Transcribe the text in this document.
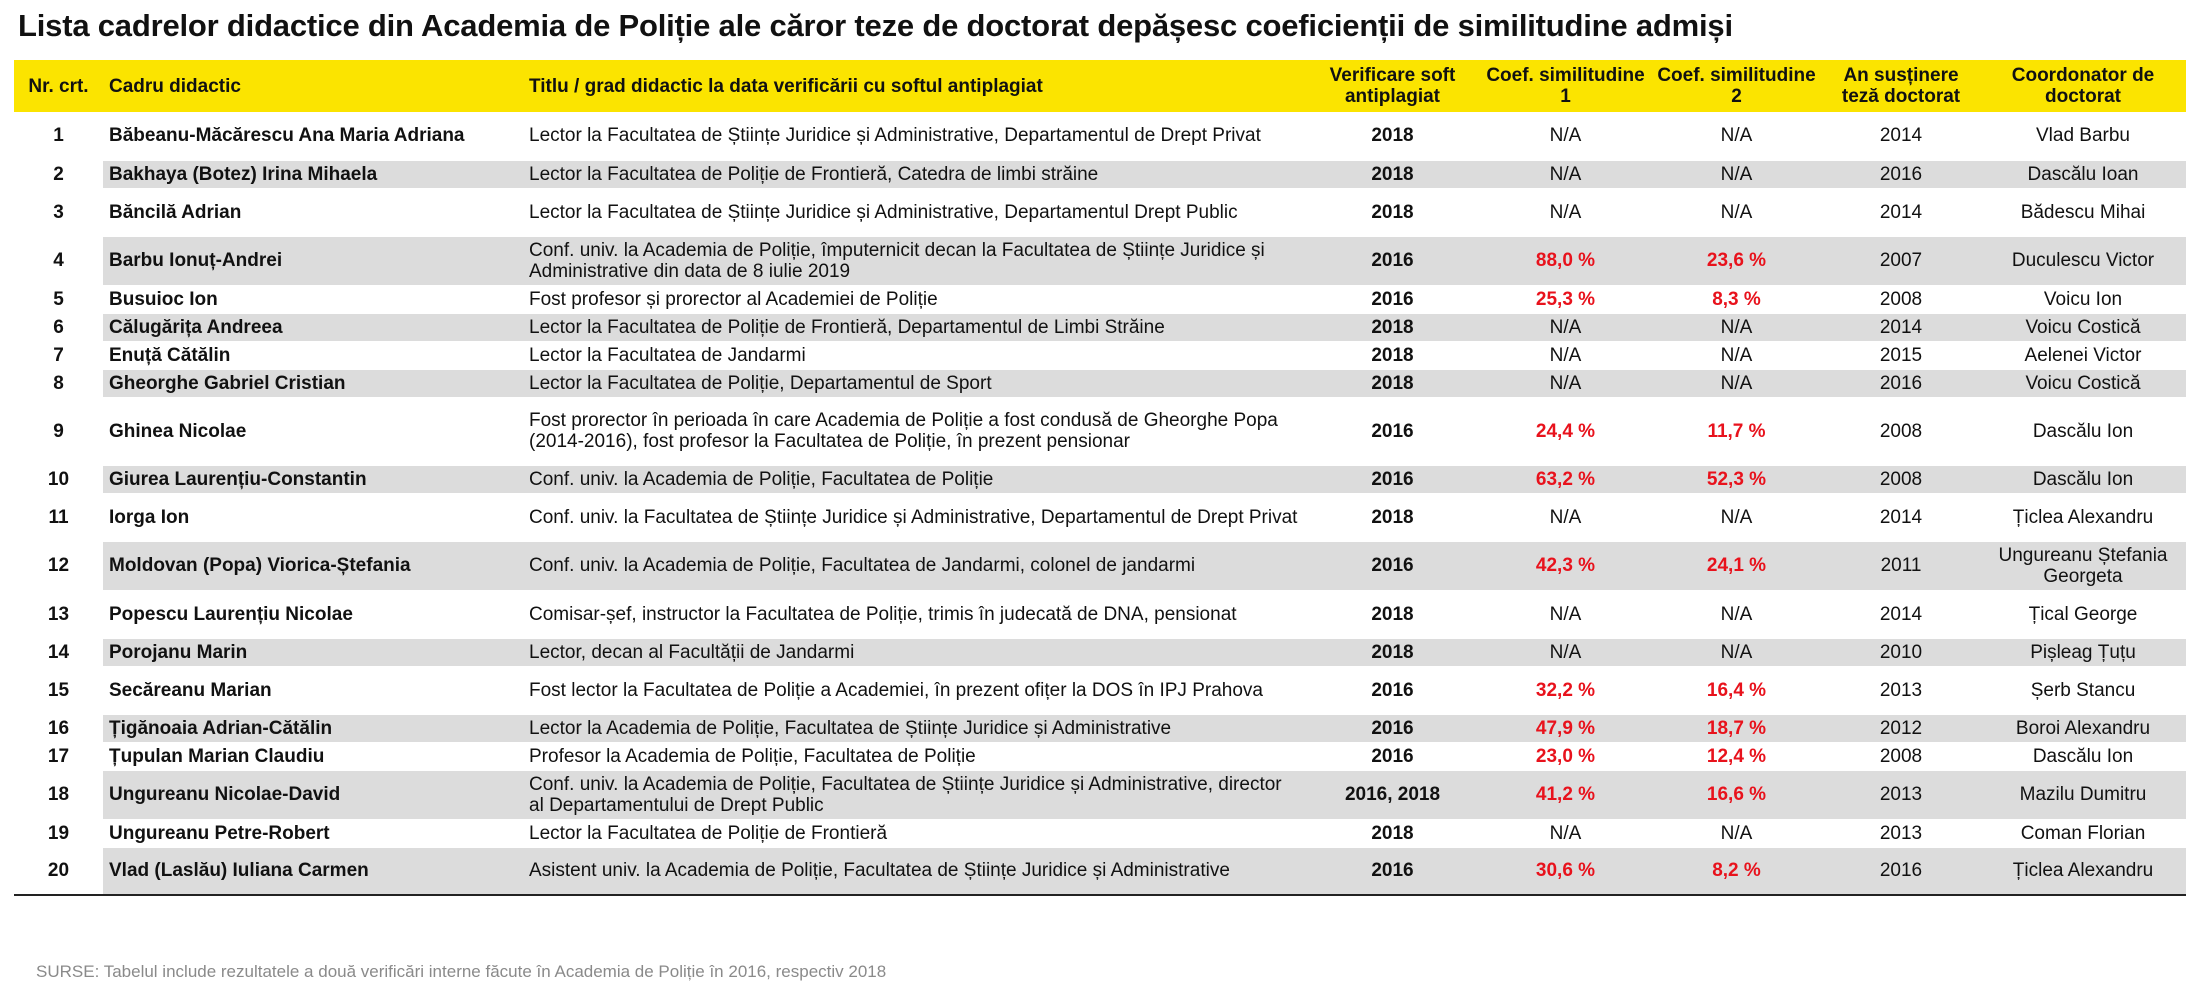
Lista cadrelor didactice din Academia de Poliție ale căror teze de doctorat depășesc coeficienții de similitudine admiși
Nr. crt.	Cadru didactic	Titlu / grad didactic la data verificării cu softul antiplagiat	Verificare soft antiplagiat	Coef. similitudine 1	Coef. similitudine 2	An susținere teză doctorat	Coordonator de doctorat
1	Băbeanu-Măcărescu Ana Maria Adriana	Lector la Facultatea de Științe Juridice și Administrative, Departamentul de Drept Privat	2018	N/A	N/A	2014	Vlad Barbu
2	Bakhaya (Botez) Irina Mihaela	Lector la Facultatea de Poliție de Frontieră, Catedra de limbi străine	2018	N/A	N/A	2016	Dascălu Ioan
3	Băncilă Adrian	Lector la Facultatea de Științe Juridice și Administrative, Departamentul Drept Public	2018	N/A	N/A	2014	Bădescu Mihai
4	Barbu Ionuț-Andrei	Conf. univ. la Academia de Poliție, împuternicit decan la Facultatea de Științe Juridice și Administrative din data de 8 iulie 2019	2016	88,0 %	23,6 %	2007	Duculescu Victor
5	Busuioc Ion	Fost profesor și prorector al Academiei de Poliție	2016	25,3 %	8,3 %	2008	Voicu Ion
6	Călugărița Andreea	Lector la Facultatea de Poliție de Frontieră, Departamentul de Limbi Străine	2018	N/A	N/A	2014	Voicu Costică
7	Enuță Cătălin	Lector la Facultatea de Jandarmi	2018	N/A	N/A	2015	Aelenei Victor
8	Gheorghe Gabriel Cristian	Lector la Facultatea de Poliție, Departamentul de Sport	2018	N/A	N/A	2016	Voicu Costică
9	Ghinea Nicolae	Fost prorector în perioada în care Academia de Poliție a fost condusă de Gheorghe Popa (2014-2016), fost profesor la Facultatea de Poliție, în prezent pensionar	2016	24,4 %	11,7 %	2008	Dascălu Ion
10	Giurea Laurențiu-Constantin	Conf. univ. la Academia de Poliție, Facultatea de Poliție	2016	63,2 %	52,3 %	2008	Dascălu Ion
11	Iorga Ion	Conf. univ. la Facultatea de Științe Juridice și Administrative, Departamentul de Drept Privat	2018	N/A	N/A	2014	Țiclea Alexandru
12	Moldovan (Popa) Viorica-Ștefania	Conf. univ. la Academia de Poliție, Facultatea de Jandarmi, colonel de jandarmi	2016	42,3 %	24,1 %	2011	Ungureanu Ștefania Georgeta
13	Popescu Laurențiu Nicolae	Comisar-șef, instructor la Facultatea de Poliție, trimis în judecată de DNA, pensionat	2018	N/A	N/A	2014	Țical George
14	Porojanu Marin	Lector, decan al Facultății de Jandarmi	2018	N/A	N/A	2010	Pișleag Țuțu
15	Secăreanu Marian	Fost lector la Facultatea de Poliție a Academiei, în prezent ofițer la DOS în IPJ Prahova	2016	32,2 %	16,4 %	2013	Șerb Stancu
16	Țigănoaia Adrian-Cătălin	Lector la Academia de Poliție, Facultatea de Științe Juridice și Administrative	2016	47,9 %	18,7 %	2012	Boroi Alexandru
17	Țupulan Marian Claudiu	Profesor la Academia de Poliție, Facultatea de Poliție	2016	23,0 %	12,4 %	2008	Dascălu Ion
18	Ungureanu Nicolae-David	Conf. univ. la Academia de Poliție, Facultatea de Științe Juridice și Administrative, director al Departamentului de Drept Public	2016, 2018	41,2 %	16,6 %	2013	Mazilu Dumitru
19	Ungureanu Petre-Robert	Lector la Facultatea de Poliție de Frontieră	2018	N/A	N/A	2013	Coman Florian
20	Vlad (Laslău) Iuliana Carmen	Asistent univ. la Academia de Poliție, Facultatea de Științe Juridice și Administrative	2016	30,6 %	8,2 %	2016	Țiclea Alexandru

SURSE: Tabelul include rezultatele a două verificări interne făcute în Academia de Poliție în 2016, respectiv 2018
